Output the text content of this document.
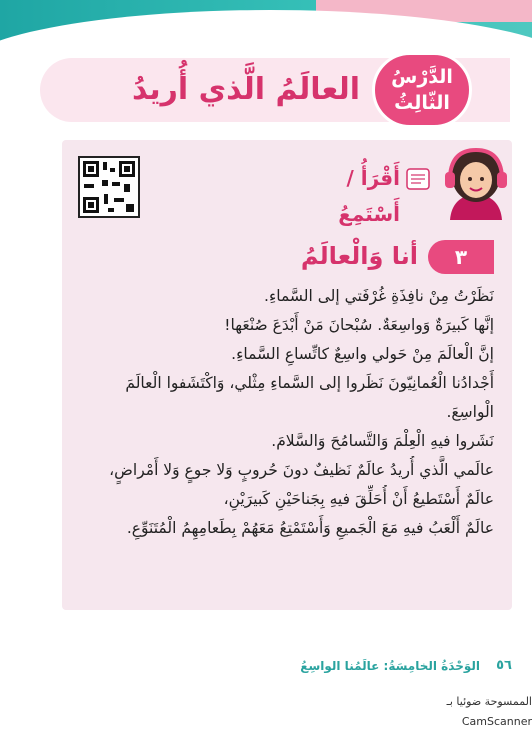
العالَمُ الَّذي أُريدُ الدَّرْسُ
الثّالِثُ
أَقْرَأُ / أَسْتَمِعُ
٣
أنا وَالْعالَمُ
نَظَرْتُ مِنْ نافِذَةِ غُرْفَتي إلى السَّماءِ.
إنَّها كَبيرَةٌ وَواسِعَةٌ. سُبْحانَ مَنْ أَبْدَعَ صُنْعَها!
إنَّ الْعالَمَ مِنْ حَولي واسِعٌ كاتِّساعِ السَّماءِ.
أَجْدادُنا الْعُمانِيّونَ نَظَروا إلى السَّماءِ مِثْلي، وَاكْتَشَفوا الْعالَمَ
الْواسِعَ.
نَشَروا فيهِ الْعِلْمَ وَالتَّسامُحَ وَالسَّلامَ.
عالَمي الَّذي أُريدُ عالَمٌ نَظيفٌ دونَ حُروبٍ وَلا جوعٍ وَلا أَمْراضٍ،
عالَمٌ أَسْتَطيعُ أَنْ أُحَلِّقَ فيهِ بِجَناحَيْنِ كَبيرَيْنِ،
عالَمٌ أَلْعَبُ فيهِ مَعَ الْجَميعِ وَأَسْتَمْتِعُ مَعَهُمْ بِطَعامِهِمُ الْمُتَنَوِّعِ.
الوَحْدَةُ الخامِسَةُ: عالَمُنا الواسِعُ	٥٦
الممسوحة ضوئيا بـ CamScanner
